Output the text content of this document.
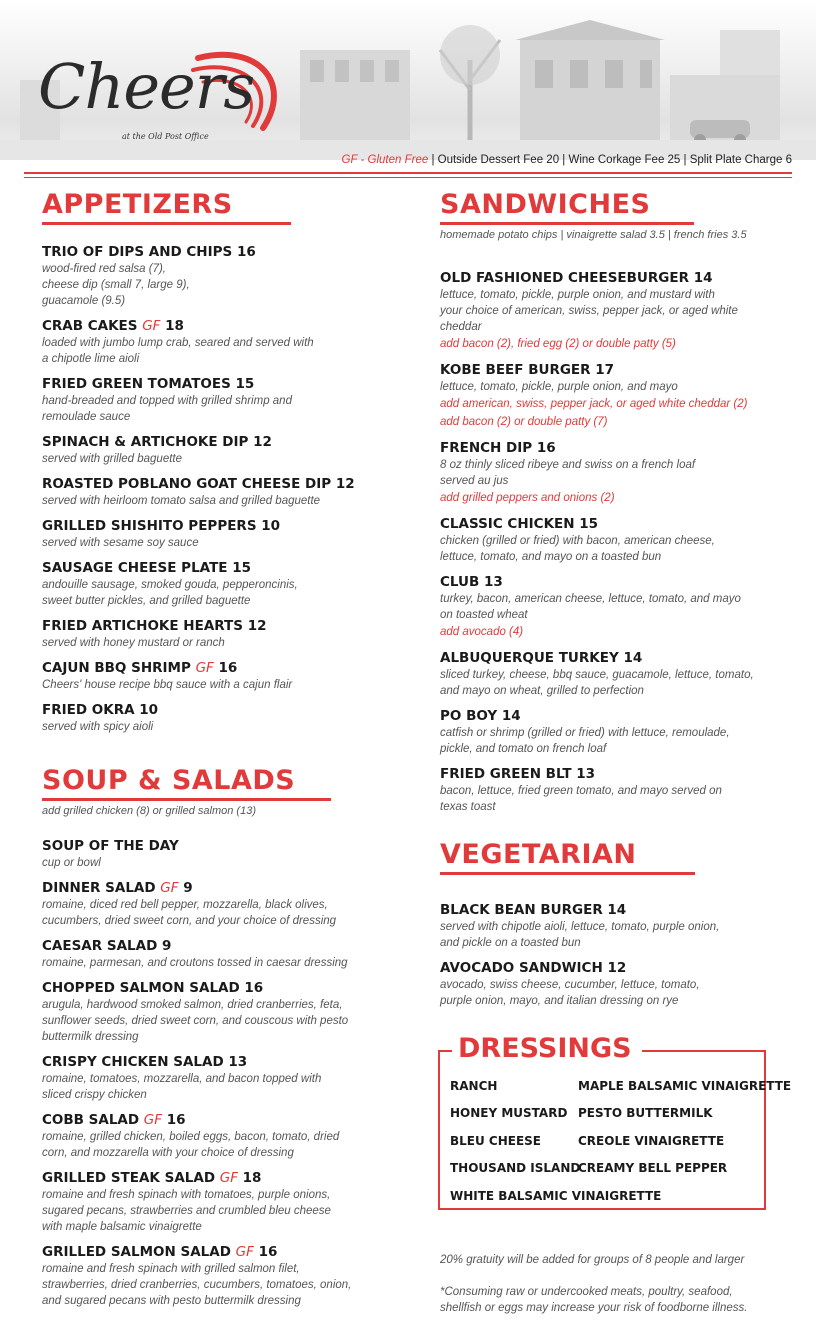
Cheers
at the Old Post Office
GF - Gluten Free | Outside Dessert Fee 20 | Wine Corkage Fee 25 | Split Plate Charge 6
APPETIZERS
TRIO OF DIPS AND CHIPS 16
wood-fired red salsa (7),
cheese dip (small 7, large 9),
guacamole (9.5)
CRAB CAKES GF 18
loaded with jumbo lump crab, seared and served with
a chipotle lime aioli
FRIED GREEN TOMATOES 15
hand-breaded and topped with grilled shrimp and
remoulade sauce
SPINACH & ARTICHOKE DIP 12
served with grilled baguette
ROASTED POBLANO GOAT CHEESE DIP 12
served with heirloom tomato salsa and grilled baguette
GRILLED SHISHITO PEPPERS 10
served with sesame soy sauce
SAUSAGE CHEESE PLATE 15
andouille sausage, smoked gouda, pepperoncinis,
sweet butter pickles, and grilled baguette
FRIED ARTICHOKE HEARTS 12
served with honey mustard or ranch
CAJUN BBQ SHRIMP GF 16
Cheers' house recipe bbq sauce with a cajun flair
FRIED OKRA 10
served with spicy aioli
SOUP & SALADS
add grilled chicken (8) or grilled salmon (13)
SOUP OF THE DAY
cup or bowl
DINNER SALAD GF 9
romaine, diced red bell pepper, mozzarella, black olives,
cucumbers, dried sweet corn, and your choice of dressing
CAESAR SALAD 9
romaine, parmesan, and croutons tossed in caesar dressing
CHOPPED SALMON SALAD 16
arugula, hardwood smoked salmon, dried cranberries, feta,
sunflower seeds, dried sweet corn, and couscous with pesto
buttermilk dressing
CRISPY CHICKEN SALAD 13
romaine, tomatoes, mozzarella, and bacon topped with
sliced crispy chicken
COBB SALAD GF 16
romaine, grilled chicken, boiled eggs, bacon, tomato, dried
corn, and mozzarella with your choice of dressing
GRILLED STEAK SALAD GF 18
romaine and fresh spinach with tomatoes, purple onions,
sugared pecans, strawberries and crumbled bleu cheese
with maple balsamic vinaigrette
GRILLED SALMON SALAD GF 16
romaine and fresh spinach with grilled salmon filet,
strawberries, dried cranberries, cucumbers, tomatoes, onion,
and sugared pecans with pesto buttermilk dressing
SANDWICHES
homemade potato chips | vinaigrette salad 3.5 | french fries 3.5
OLD FASHIONED CHEESEBURGER 14
lettuce, tomato, pickle, purple onion, and mustard with
your choice of american, swiss, pepper jack, or aged white
cheddar
add bacon (2), fried egg (2) or double patty (5)
KOBE BEEF BURGER 17
lettuce, tomato, pickle, purple onion, and mayo
add american, swiss, pepper jack, or aged white cheddar (2)
add bacon (2) or double patty (7)
FRENCH DIP 16
8 oz thinly sliced ribeye and swiss on a french loaf
served au jus
add grilled peppers and onions (2)
CLASSIC CHICKEN 15
chicken (grilled or fried) with bacon, american cheese,
lettuce, tomato, and mayo on a toasted bun
CLUB 13
turkey, bacon, american cheese, lettuce, tomato, and mayo
on toasted wheat
add avocado (4)
ALBUQUERQUE TURKEY 14
sliced turkey, cheese, bbq sauce, guacamole, lettuce, tomato,
and mayo on wheat, grilled to perfection
PO BOY 14
catfish or shrimp (grilled or fried) with lettuce, remoulade,
pickle, and tomato on french loaf
FRIED GREEN BLT 13
bacon, lettuce, fried green tomato, and mayo served on
texas toast
VEGETARIAN
BLACK BEAN BURGER 14
served with chipotle aioli, lettuce, tomato, purple onion,
and pickle on a toasted bun
AVOCADO SANDWICH 12
avocado, swiss cheese, cucumber, lettuce, tomato,
purple onion, mayo, and italian dressing on rye
DRESSINGS
RANCH
HONEY MUSTARD
BLEU CHEESE
THOUSAND ISLAND
WHITE BALSAMIC VINAIGRETTE
MAPLE BALSAMIC VINAIGRETTE
PESTO BUTTERMILK
CREOLE VINAIGRETTE
CREAMY BELL PEPPER
20% gratuity will be added for groups of 8 people and larger
*Consuming raw or undercooked meats, poultry, seafood,
shellfish or eggs may increase your risk of foodborne illness.
